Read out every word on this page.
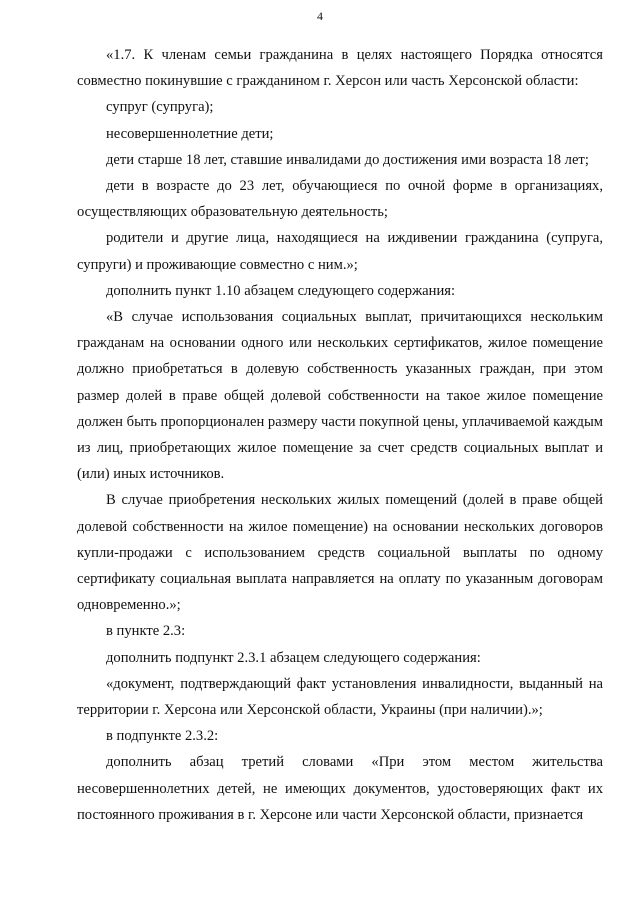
4

«1.7. К членам семьи гражданина в целях настоящего Порядка относятся совместно покинувшие с гражданином г. Херсон или часть Херсонской области:

супруг (супруга);

несовершеннолетние дети;

дети старше 18 лет, ставшие инвалидами до достижения ими возраста 18 лет;

дети в возрасте до 23 лет, обучающиеся по очной форме в организациях, осуществляющих образовательную деятельность;

родители и другие лица, находящиеся на иждивении гражданина (супруга, супруги) и проживающие совместно с ним.»;

дополнить пункт 1.10 абзацем следующего содержания:

«В случае использования социальных выплат, причитающихся нескольким гражданам на основании одного или нескольких сертификатов, жилое помещение должно приобретаться в долевую собственность указанных граждан, при этом размер долей в праве общей долевой собственности на такое жилое помещение должен быть пропорционален размеру части покупной цены, уплачиваемой каждым из лиц, приобретающих жилое помещение за счет средств социальных выплат и (или) иных источников.

В случае приобретения нескольких жилых помещений (долей в праве общей долевой собственности на жилое помещение) на основании нескольких договоров купли-продажи с использованием средств социальной выплаты по одному сертификату социальная выплата направляется на оплату по указанным договорам одновременно.»;

в пункте 2.3:

дополнить подпункт 2.3.1 абзацем следующего содержания:

«документ, подтверждающий факт установления инвалидности, выданный на территории г. Херсона или Херсонской области, Украины (при наличии).»;

в подпункте 2.3.2:

дополнить абзац третий словами «При этом местом жительства несовершеннолетних детей, не имеющих документов, удостоверяющих факт их постоянного проживания в г. Херсоне или части Херсонской области, признается
